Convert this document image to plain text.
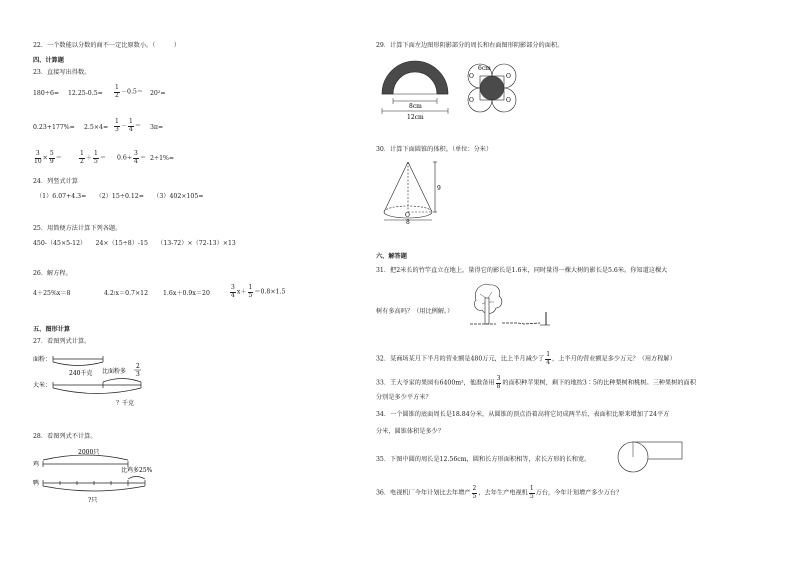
22．一个数能以分数的商不一定比原数小。（　　　）
四、计算题
23．直接写出得数。
$180\div 6= 12.25-0.5= \frac{1}{2} -0.5= 20^2=$
$0.23+177\%= 2.5\times 4= \frac{1}{3} - \frac{1}{4} = 3\pi=$
$\frac{3}{10} \times \frac{5}{9}$ ＝	$\frac{1}{2} + \frac{1}{5} = 0.6\div \frac{3}{4} = 2\div 1\%=$
24．列竖式计算
（1）6.07+4.3=　　（2）15÷0.12=　　（3）402×105=
25．用简便方法计算下列各题。
450-（45×5-12）　　24×（15÷8）-15　　（13-72）×（72-13）×13
26．解方程。
4＋25%x＝8	4.2∶x＝0.7×12 1.6x＋0.9x＝20	$\frac{3}{4} x+ \frac{1}{5} =0.8\times 1.5$
五、图形计算
27．看图列式计算。
面粉：
大米：
240千克 比面粉多
2
3
？千克
28．看图列式不计算。
2000只
鸡
鸭
比鸡多25%
?只
29．计算下面左边图形阴影部分的周长和右面图形阴影部分的面积。
8cm
12cm
6cm
O	O
O	O
30．计算下面圆锥的体积。（单位：分米）
9
O
8
六、解答题
31．把2米长的竹竿直立在地上，量得它的影长是1.6米，同时量得一棵大树的影长是5.6米。你知道这棵大
树有多高吗？（用比例解。）
32．某商场某月下半月的营业额是480万元，比上半月减少了 $\frac{1}{4}$ ，上半月的营业额是多少万元？（用方程解）
33．王大爷家的果园有6400m²，他准备用 $\frac{3}{8}$ 的面积种苹果树，剩下的地按3∶5的比种梨树和桃树。三种果树的面积
分别是多少平方米？
34．一个圆锥的底面周长是18.84分米，从圆锥的顶点沿着高将它切成两半后，表面积比原来增加了24平方
分米，圆锥体积是多少？
35．下图中圆的周长是12.56cm，圆和长方形面积相等，求长方形的长和宽。
36．电视机厂今年计划比去年增产 $\frac{2}{5}$ ，去年生产电视机 $\frac{1}{5}$ 万台，今年计划增产多少万台？
